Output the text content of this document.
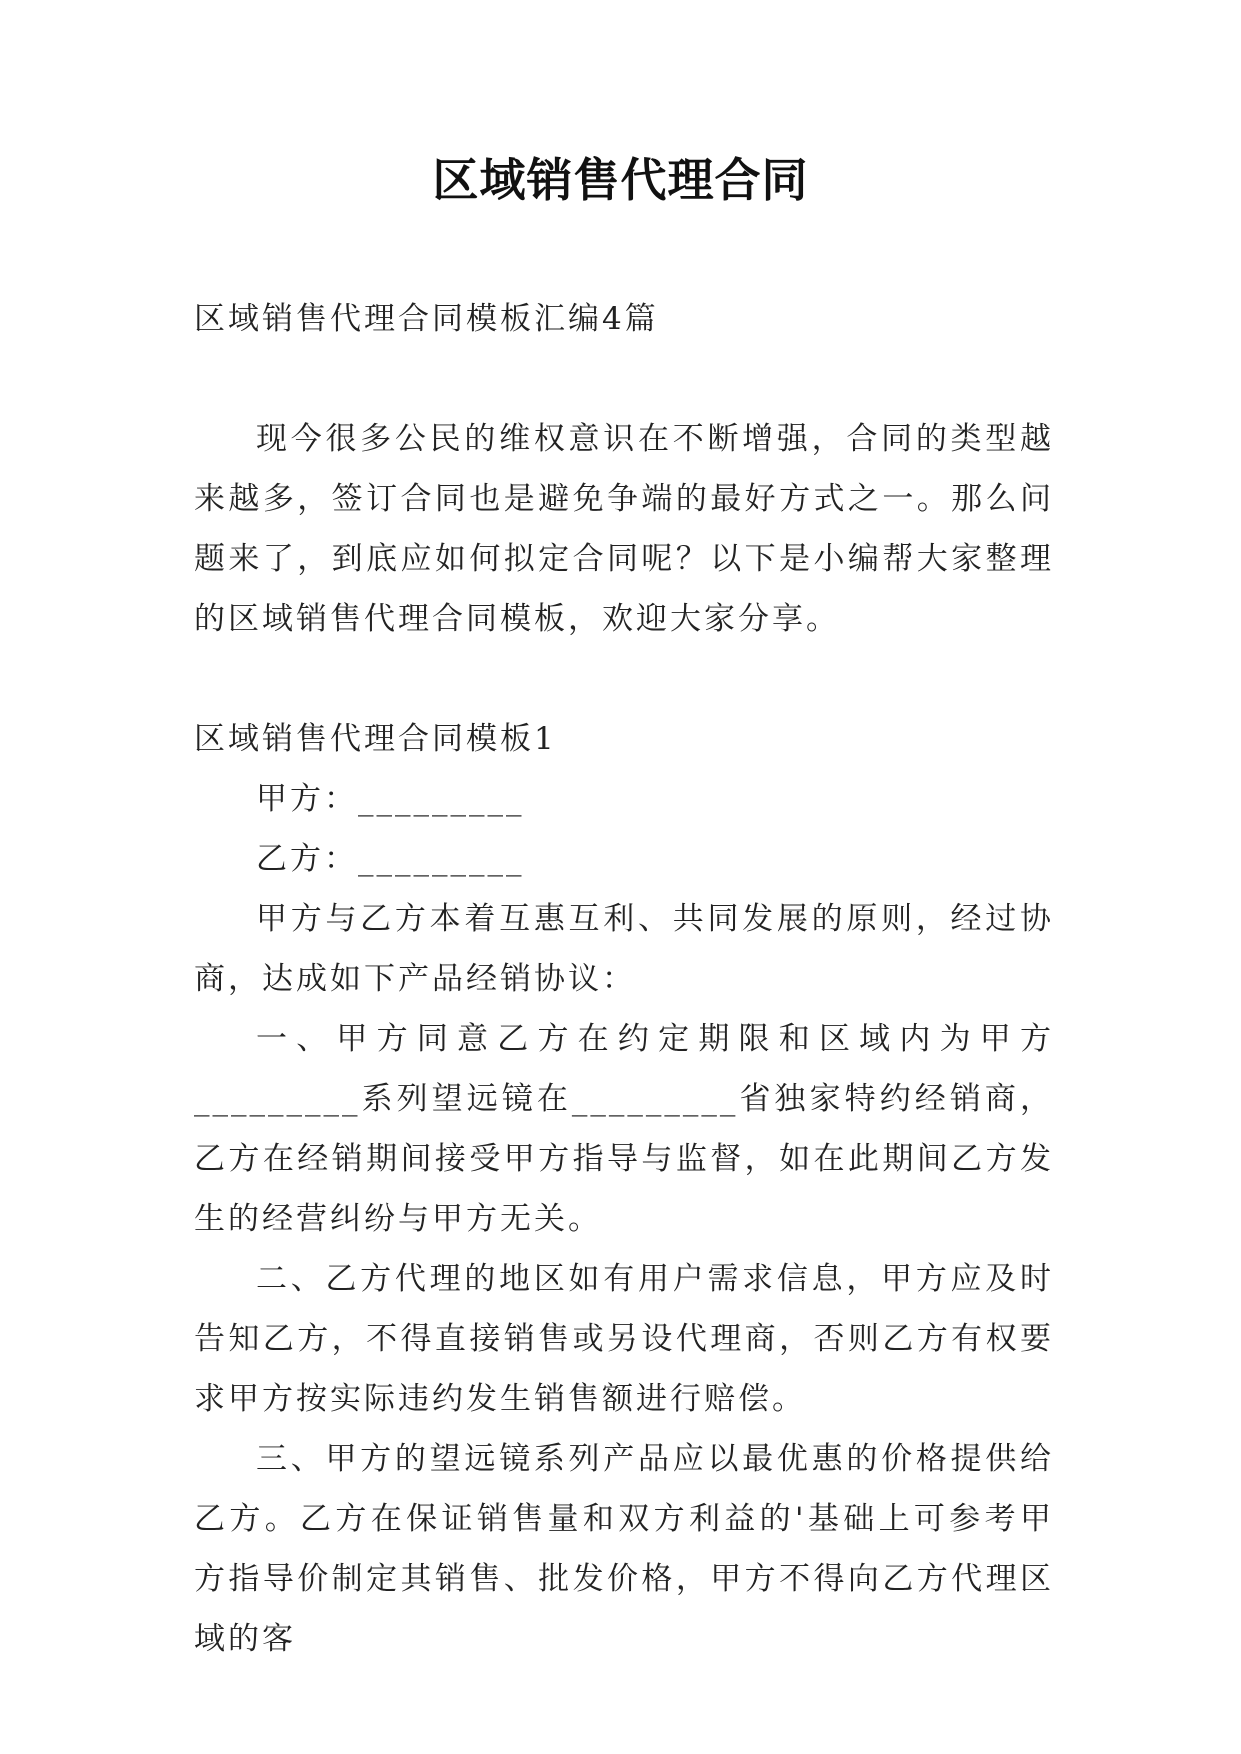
区域销售代理合同

区域销售代理合同模板汇编4篇

现今很多公民的维权意识在不断增强，合同的类型越来越多，签订合同也是避免争端的最好方式之一。那么问题来了，到底应如何拟定合同呢？以下是小编帮大家整理的区域销售代理合同模板，欢迎大家分享。

区域销售代理合同模板1

甲方：_________

乙方：_________

甲方与乙方本着互惠互利、共同发展的原则，经过协商，达成如下产品经销协议：

一、甲方同意乙方在约定期限和区域内为甲方_________系列望远镜在_________省独家特约经销商，乙方在经销期间接受甲方指导与监督，如在此期间乙方发生的经营纠纷与甲方无关。

二、乙方代理的地区如有用户需求信息，甲方应及时告知乙方，不得直接销售或另设代理商，否则乙方有权要求甲方按实际违约发生销售额进行赔偿。

三、甲方的望远镜系列产品应以最优惠的价格提供给乙方。乙方在保证销售量和双方利益的'基础上可参考甲方指导价制定其销售、批发价格，甲方不得向乙方代理区域的客
